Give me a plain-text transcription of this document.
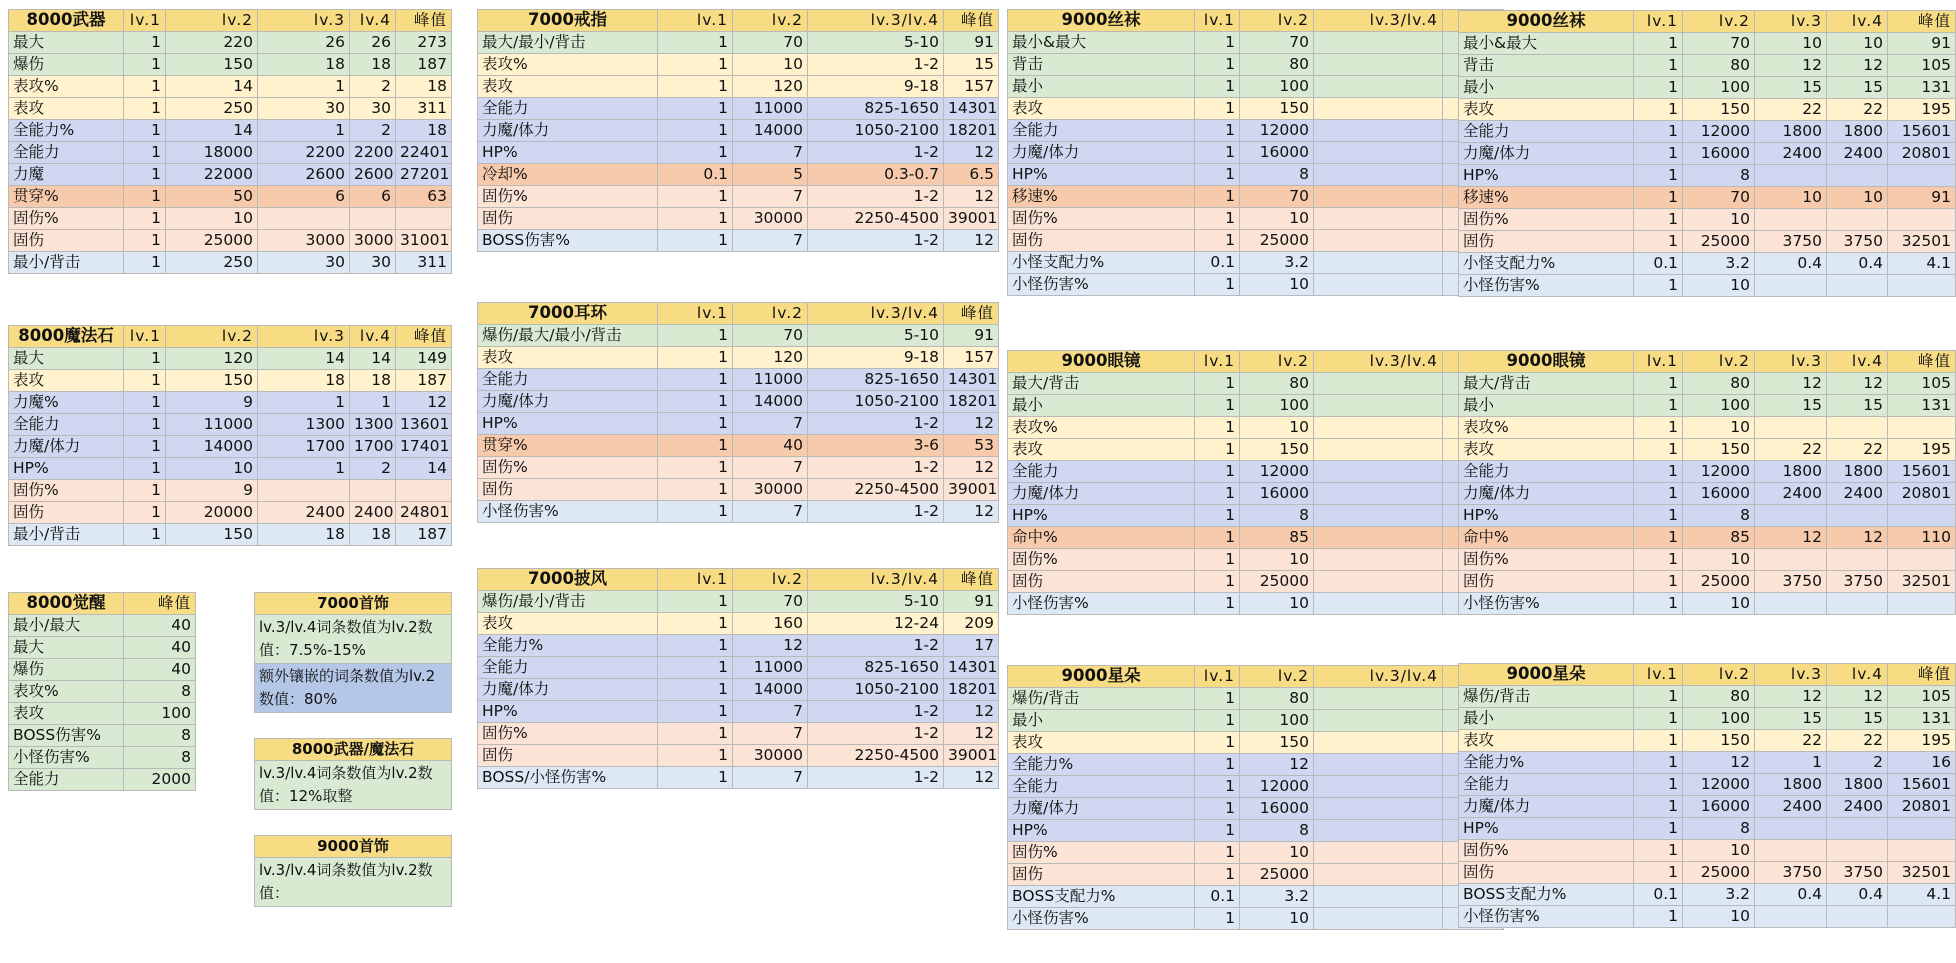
7000首饰
lv.3/lv.4词条数值为lv.2数值：7.5%-15%
额外镶嵌的词条数值为lv.2数值：80%
8000武器/魔法石
lv.3/lv.4词条数值为lv.2数值：12%取整
9000首饰
lv.3/lv.4词条数值为lv.2数值：
8000武器	lv.1	lv.2	lv.3	lv.4	峰值
最大	1	220	26	26	273
爆伤	1	150	18	18	187
表攻%	1	14	1	2	18
表攻	1	250	30	30	311
全能力%	1	14	1	2	18
全能力	1	18000	2200	2200	22401
力魔	1	22000	2600	2600	27201
贯穿%	1	50	6	6	63
固伤%	1	10			
固伤	1	25000	3000	3000	31001
最小/背击	1	250	30	30	311
8000魔法石	lv.1	lv.2	lv.3	lv.4	峰值
最大	1	120	14	14	149
表攻	1	150	18	18	187
力魔%	1	9	1	1	12
全能力	1	11000	1300	1300	13601
力魔/体力	1	14000	1700	1700	17401
HP%	1	10	1	2	14
固伤%	1	9			
固伤	1	20000	2400	2400	24801
最小/背击	1	150	18	18	187
8000觉醒	峰值
最小/最大	40
最大	40
爆伤	40
表攻%	8
表攻	100
BOSS伤害%	8
小怪伤害%	8
全能力	2000
7000戒指	lv.1	lv.2	lv.3/lv.4	峰值
最大/最小/背击	1	70	5-10	91
表攻%	1	10	1-2	15
表攻	1	120	9-18	157
全能力	1	11000	825-1650	14301
力魔/体力	1	14000	1050-2100	18201
HP%	1	7	1-2	12
冷却%	0.1	5	0.3-0.7	6.5
固伤%	1	7	1-2	12
固伤	1	30000	2250-4500	39001
BOSS伤害%	1	7	1-2	12
7000耳环	lv.1	lv.2	lv.3/lv.4	峰值
爆伤/最大/最小/背击	1	70	5-10	91
表攻	1	120	9-18	157
全能力	1	11000	825-1650	14301
力魔/体力	1	14000	1050-2100	18201
HP%	1	7	1-2	12
贯穿%	1	40	3-6	53
固伤%	1	7	1-2	12
固伤	1	30000	2250-4500	39001
小怪伤害%	1	7	1-2	12
7000披风	lv.1	lv.2	lv.3/lv.4	峰值
爆伤/最小/背击	1	70	5-10	91
表攻	1	160	12-24	209
全能力%	1	12	1-2	17
全能力	1	11000	825-1650	14301
力魔/体力	1	14000	1050-2100	18201
HP%	1	7	1-2	12
固伤%	1	7	1-2	12
固伤	1	30000	2250-4500	39001
BOSS/小怪伤害%	1	7	1-2	12
9000丝袜	lv.1	lv.2	lv.3/lv.4	
最小&最大	1	70		
背击	1	80		
最小	1	100		
表攻	1	150		
全能力	1	12000		
力魔/体力	1	16000		
HP%	1	8		
移速%	1	70		
固伤%	1	10		
固伤	1	25000		
小怪支配力%	0.1	3.2		
小怪伤害%	1	10		
9000眼镜	lv.1	lv.2	lv.3/lv.4	
最大/背击	1	80		
最小	1	100		
表攻%	1	10		
表攻	1	150		
全能力	1	12000		
力魔/体力	1	16000		
HP%	1	8		
命中%	1	85		
固伤%	1	10		
固伤	1	25000		
小怪伤害%	1	10		
9000星朵	lv.1	lv.2	lv.3/lv.4	
爆伤/背击	1	80		
最小	1	100		
表攻	1	150		
全能力%	1	12		
全能力	1	12000		
力魔/体力	1	16000		
HP%	1	8		
固伤%	1	10		
固伤	1	25000		
BOSS支配力%	0.1	3.2		
小怪伤害%	1	10		
9000丝袜	lv.1	lv.2	lv.3	lv.4	峰值
最小&最大	1	70	10	10	91
背击	1	80	12	12	105
最小	1	100	15	15	131
表攻	1	150	22	22	195
全能力	1	12000	1800	1800	15601
力魔/体力	1	16000	2400	2400	20801
HP%	1	8			
移速%	1	70	10	10	91
固伤%	1	10			
固伤	1	25000	3750	3750	32501
小怪支配力%	0.1	3.2	0.4	0.4	4.1
小怪伤害%	1	10			
9000眼镜	lv.1	lv.2	lv.3	lv.4	峰值
最大/背击	1	80	12	12	105
最小	1	100	15	15	131
表攻%	1	10			
表攻	1	150	22	22	195
全能力	1	12000	1800	1800	15601
力魔/体力	1	16000	2400	2400	20801
HP%	1	8			
命中%	1	85	12	12	110
固伤%	1	10			
固伤	1	25000	3750	3750	32501
小怪伤害%	1	10			
9000星朵	lv.1	lv.2	lv.3	lv.4	峰值
爆伤/背击	1	80	12	12	105
最小	1	100	15	15	131
表攻	1	150	22	22	195
全能力%	1	12	1	2	16
全能力	1	12000	1800	1800	15601
力魔/体力	1	16000	2400	2400	20801
HP%	1	8			
固伤%	1	10			
固伤	1	25000	3750	3750	32501
BOSS支配力%	0.1	3.2	0.4	0.4	4.1
小怪伤害%	1	10			
